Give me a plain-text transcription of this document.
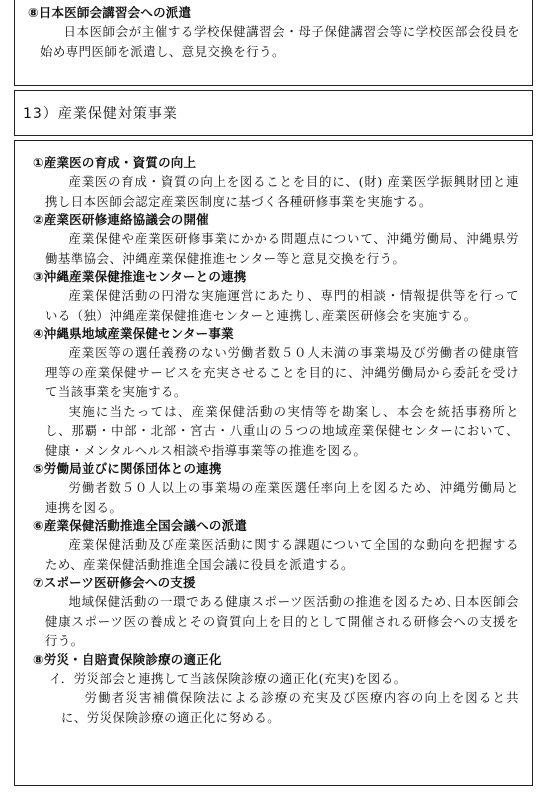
⑧日本医師会講習会への派遣

日本医師会が主催する学校保健講習会・母子保健講習会等に学校医部会役員を始め専門医師を派遣し、意見交換を行う。

13）産業保健対策事業

①産業医の育成・資質の向上

産業医の育成・資質の向上を図ることを目的に、(財) 産業医学振興財団と連携し日本医師会認定産業医制度に基づく各種研修事業を実施する。

②産業医研修連絡協議会の開催

産業保健や産業医研修事業にかかる問題点について、沖縄労働局、沖縄県労働基準協会、沖縄産業保健推進センター等と意見交換を行う。

③沖縄産業保健推進センターとの連携

産業保健活動の円滑な実施運営にあたり、専門的相談・情報提供等を行っている（独）沖縄産業保健推進センターと連携し､産業医研修会を実施する。

④沖縄県地域産業保健センター事業

産業医等の選任義務のない労働者数５０人未満の事業場及び労働者の健康管理等の産業保健サービスを充実させることを目的に、沖縄労働局から委託を受けて当該事業を実施する。

実施に当たっては、産業保健活動の実情等を勘案し、本会を統括事務所とし、那覇・中部・北部・宮古・八重山の５つの地域産業保健センターにおいて、健康・メンタルヘルス相談や指導事業等の推進を図る。

⑤労働局並びに関係団体との連携

労働者数５０人以上の事業場の産業医選任率向上を図るため、沖縄労働局と連携を図る。

⑥産業保健活動推進全国会議への派遣

産業保健活動及び産業医活動に関する課題について全国的な動向を把握するため、産業保健活動推進全国会議に役員を派遣する。

⑦スポーツ医研修会への支援

地域保健活動の一環である健康スポーツ医活動の推進を図るため､日本医師会健康スポーツ医の養成とその資質向上を目的として開催される研修会への支援を行う。

⑧労災・自賠責保険診療の適正化

イ．労災部会と連携して当該保険診療の適正化(充実)を図る。

労働者災害補償保険法による診療の充実及び医療内容の向上を図ると共に、労災保険診療の適正化に努める。
